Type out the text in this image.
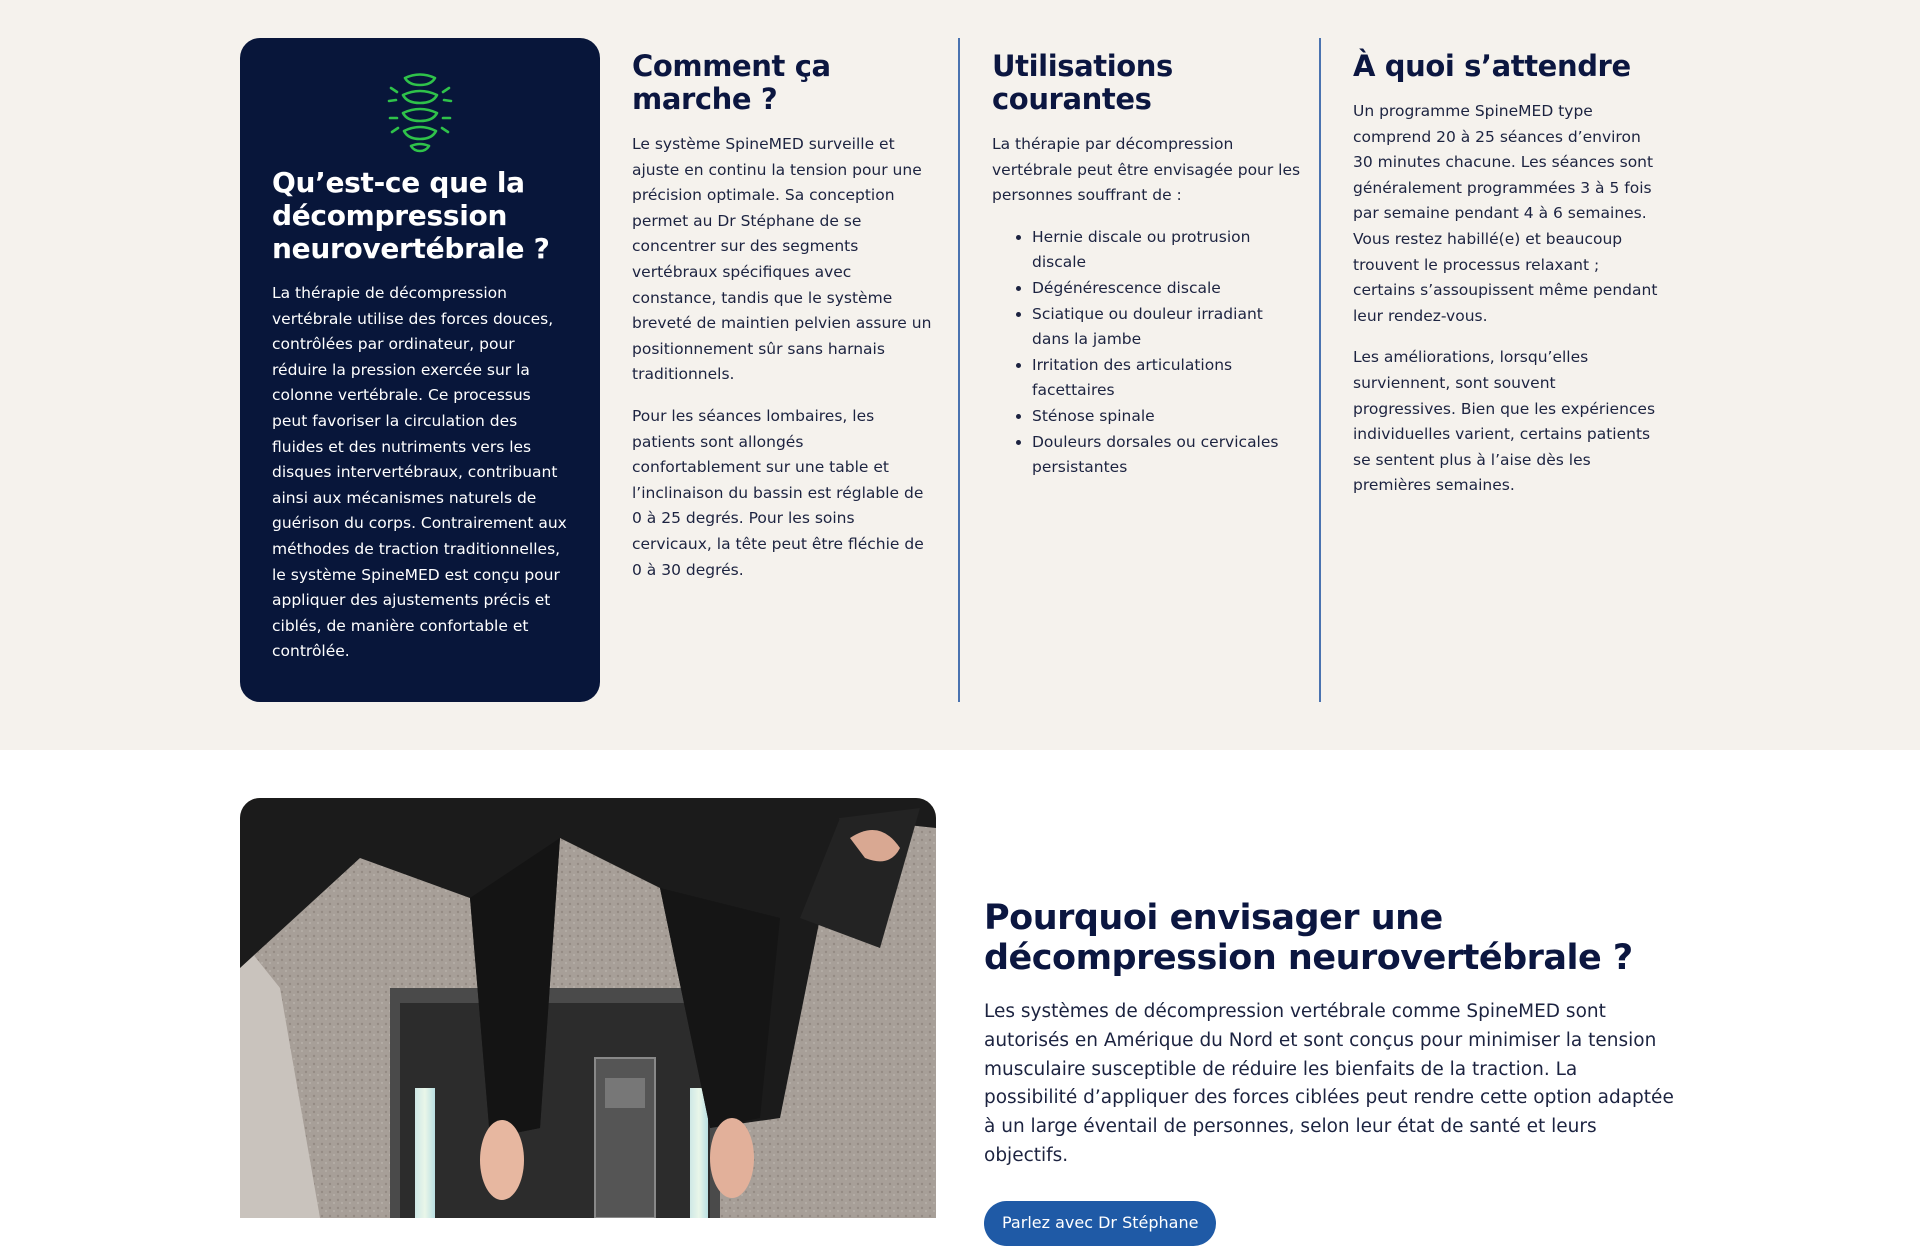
Qu’est-ce que la décompression neurovertébrale ?

La thérapie de décompression vertébrale utilise des forces douces, contrôlées par ordinateur, pour réduire la pression exercée sur la colonne vertébrale. Ce processus peut favoriser la circulation des fluides et des nutriments vers les disques intervertébraux, contribuant ainsi aux mécanismes naturels de guérison du corps. Contrairement aux méthodes de traction traditionnelles, le système SpineMED est conçu pour appliquer des ajustements précis et ciblés, de manière confortable et contrôlée.

Comment ça marche ?

Le système SpineMED surveille et ajuste en continu la tension pour une précision optimale. Sa conception permet au Dr Stéphane de se concentrer sur des segments vertébraux spécifiques avec constance, tandis que le système breveté de maintien pelvien assure un positionnement sûr sans harnais traditionnels.

Pour les séances lombaires, les patients sont allongés confortablement sur une table et l’inclinaison du bassin est réglable de 0 à 25 degrés. Pour les soins cervicaux, la tête peut être fléchie de 0 à 30 degrés.

Utilisations courantes

La thérapie par décompression vertébrale peut être envisagée pour les personnes souffrant de :

• Hernie discale ou protrusion discale
• Dégénérescence discale
• Sciatique ou douleur irradiant dans la jambe
• Irritation des articulations facettaires
• Sténose spinale
• Douleurs dorsales ou cervicales persistantes
À quoi s’attendre

Un programme SpineMED type comprend 20 à 25 séances d’environ 30 minutes chacune. Les séances sont généralement programmées 3 à 5 fois par semaine pendant 4 à 6 semaines. Vous restez habillé(e) et beaucoup trouvent le processus relaxant ; certains s’assoupissent même pendant leur rendez-vous.

Les améliorations, lorsqu’elles surviennent, sont souvent progressives. Bien que les expériences individuelles varient, certains patients se sentent plus à l’aise dès les premières semaines.

Pourquoi envisager une décompression neurovertébrale ?

Les systèmes de décompression vertébrale comme SpineMED sont autorisés en Amérique du Nord et sont conçus pour minimiser la tension musculaire susceptible de réduire les bienfaits de la traction. La possibilité d’appliquer des forces ciblées peut rendre cette option adaptée à un large éventail de personnes, selon leur état de santé et leurs objectifs.

Parlez avec Dr Stéphane
